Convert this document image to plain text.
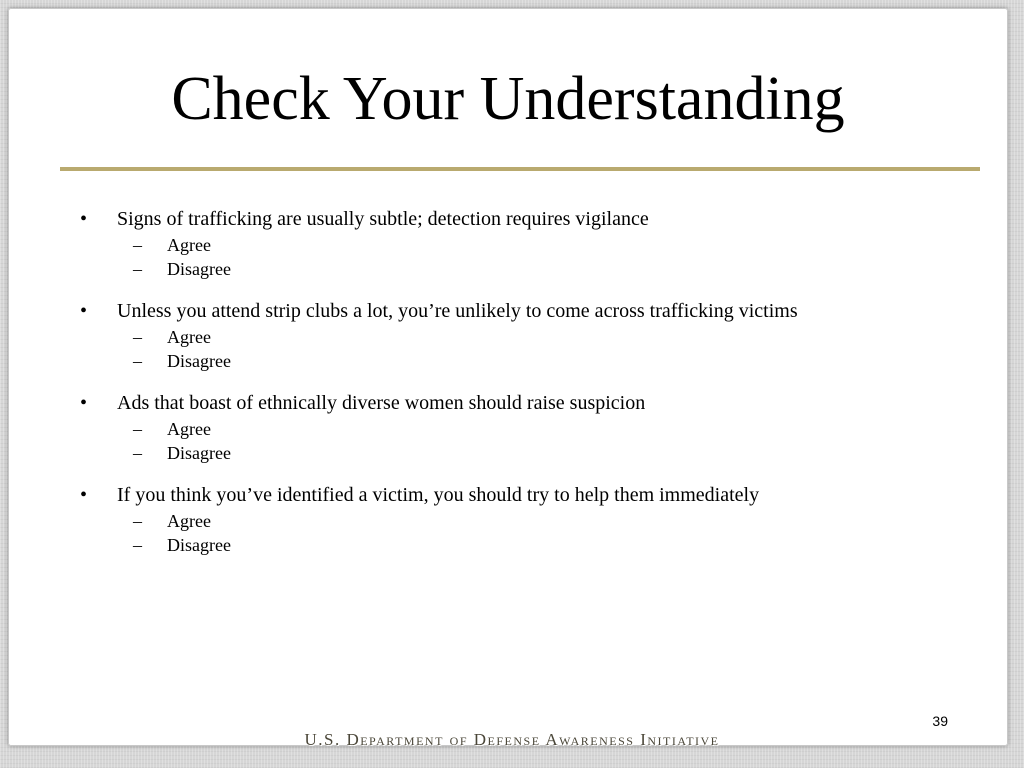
Check Your Understanding
•	Signs of trafficking are usually subtle; detection requires vigilance
–	Agree
–	Disagree
•	Unless you attend strip clubs a lot, you’re unlikely to come across trafficking victims
–	Agree
–	Disagree
•	Ads that boast of ethnically diverse women should raise suspicion
–	Agree
–	Disagree
•	If you think you’ve identified a victim, you should try to help them immediately
–	Agree
–	Disagree
39
U.S. Department of Defense Awareness Initiative
